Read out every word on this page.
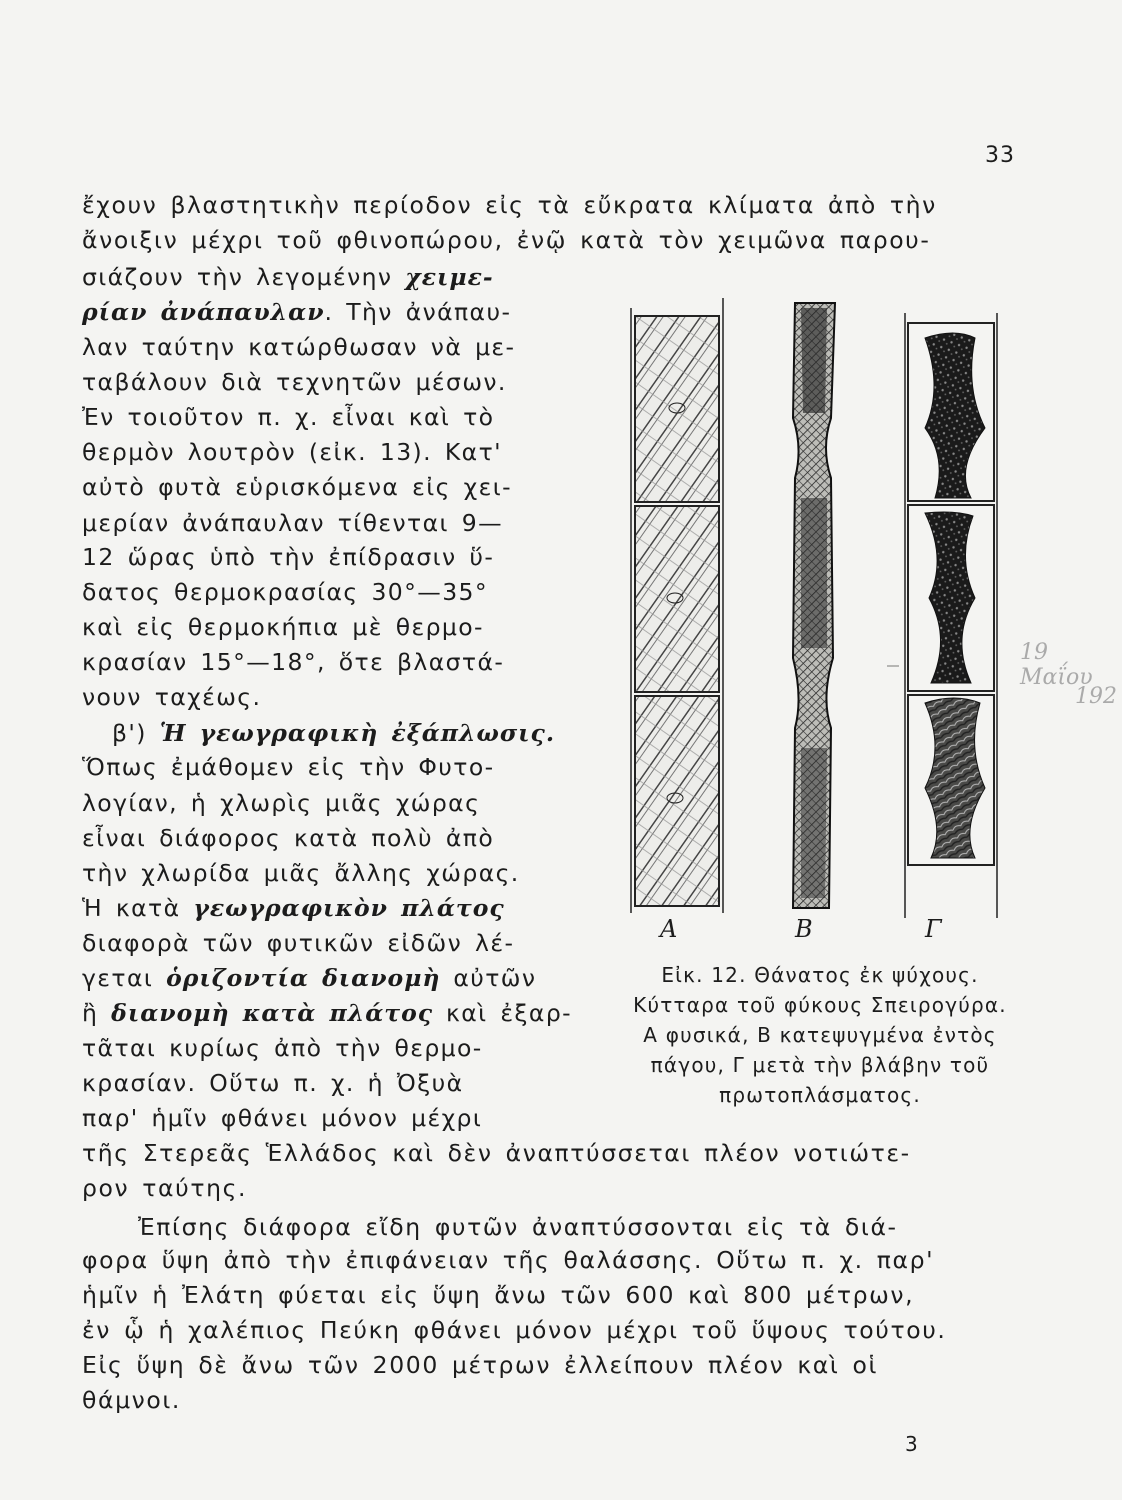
33
19 Μαΐου
192
ἔχουν βλαστητικὴν περίοδον εἰς τὰ εὔκρατα κλίματα ἀπὸ τὴν
ἄνοιξιν μέχρι τοῦ φθινοπώρου, ἐνῷ κατὰ τὸν χειμῶνα παρου-
σιάζουν τὴν λεγομένην χειμε-
ρίαν ἀνάπαυλαν. Τὴν ἀνάπαυ-
λαν ταύτην κατώρθωσαν νὰ με-
ταβάλουν διὰ τεχνητῶν μέσων.
Ἐν τοιοῦτον π. χ. εἶναι καὶ τὸ
θερμὸν λουτρὸν (εἰκ. 13). Κατ'
αὐτὸ φυτὰ εὑρισκόμενα εἰς χει-
μερίαν ἀνάπαυλαν τίθενται 9—
12 ὥρας ὑπὸ τὴν ἐπίδρασιν ὕ-
δατος θερμοκρασίας 30°—35°
καὶ εἰς θερμοκήπια μὲ θερμο-
κρασίαν 15°—18°, ὅτε βλαστά-
νουν ταχέως.
β') Ἡ γεωγραφικὴ ἐξάπλωσις.
Ὅπως ἐμάθομεν εἰς τὴν Φυτο-
λογίαν, ἡ χλωρὶς μιᾶς χώρας
εἶναι διάφορος κατὰ πολὺ ἀπὸ
τὴν χλωρίδα μιᾶς ἄλλης χώρας.
Ἡ κατὰ γεωγραφικὸν πλάτος
διαφορὰ τῶν φυτικῶν εἰδῶν λέ-
γεται ὁριζοντία διανομὴ αὐτῶν
ἢ διανομὴ κατὰ πλάτος καὶ ἐξαρ-
τᾶται κυρίως ἀπὸ τὴν θερμο-
κρασίαν. Οὕτω π. χ. ἡ Ὀξυὰ
παρ' ἡμῖν φθάνει μόνον μέχρι
τῆς Στερεᾶς Ἑλλάδος καὶ δὲν ἀναπτύσσεται πλέον νοτιώτε-
ρον ταύτης.
Ἐπίσης διάφορα εἴδη φυτῶν ἀναπτύσσονται εἰς τὰ διά-
φορα ὕψη ἀπὸ τὴν ἐπιφάνειαν τῆς θαλάσσης. Οὕτω π. χ. παρ'
ἡμῖν ἡ Ἐλάτη φύεται εἰς ὕψη ἄνω τῶν 600 καὶ 800 μέτρων,
ἐν ᾧ ἡ χαλέπιος Πεύκη φθάνει μόνον μέχρι τοῦ ὕψους τούτου.
Εἰς ὕψη δὲ ἄνω τῶν 2000 μέτρων ἐλλείπουν πλέον καὶ οἱ
θάμνοι.
Α	Β	Γ
Εἰκ. 12. Θάνατος ἐκ ψύχους.
Κύτταρα τοῦ φύκους Σπειρογύρα.
Α φυσικά, Β κατεψυγμένα ἐντὸς
πάγου, Γ μετὰ τὴν βλάβην τοῦ
πρωτοπλάσματος.
3
